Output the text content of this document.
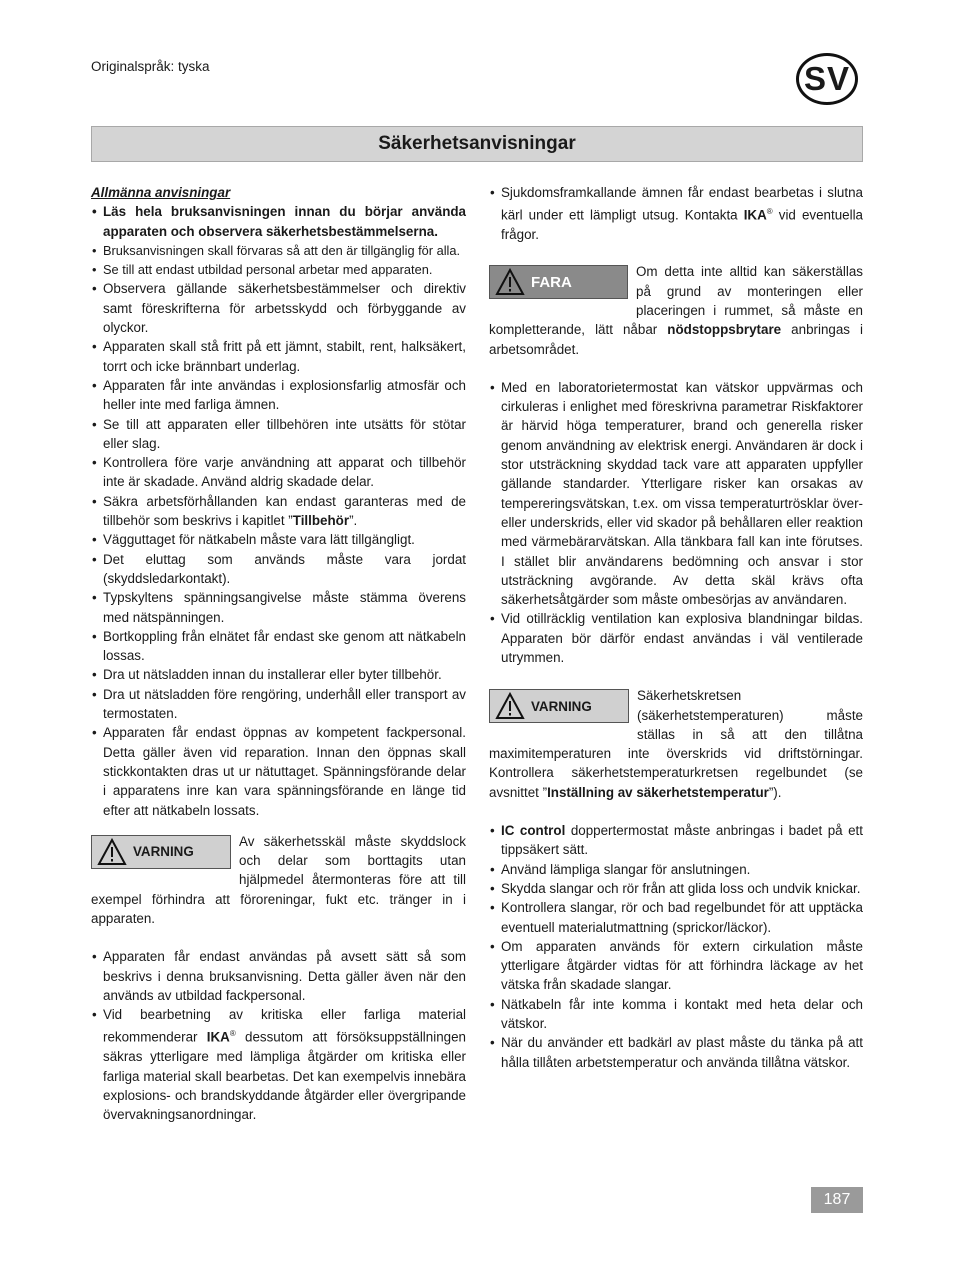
Originalspråk: tyska	SV
Säkerhetsanvisningar
Allmänna anvisningar
• Läs hela bruksanvisningen innan du börjar använda apparaten och observera säkerhetsbestämmelserna.
• Bruksanvisningen skall förvaras så att den är tillgänglig för alla.
• Se till att endast utbildad personal arbetar med apparaten.
• Observera gällande säkerhetsbestämmelser och direktiv samt föreskrifterna för arbetsskydd och förbyggande av olyckor.
• Apparaten skall stå fritt på ett jämnt, stabilt, rent, halksäkert, torrt och icke brännbart underlag.
• Apparaten får inte användas i explosionsfarlig atmosfär och heller inte med farliga ämnen.
• Se till att apparaten eller tillbehören inte utsätts för stötar eller slag.
• Kontrollera före varje användning att apparat och tillbehör inte är skadade. Använd aldrig skadade delar.
• Säkra arbetsförhållanden kan endast garanteras med de tillbehör som beskrivs i kapitlet ”Tillbehör”.
• Vägguttaget för nätkabeln måste vara lätt tillgängligt.
• Det eluttag som används måste vara jordat (skyddsledarkontakt).
• Typskyltens spänningsangivelse måste stämma överens med nätspänningen.
• Bortkoppling från elnätet får endast ske genom att nätkabeln lossas.
• Dra ut nätsladden innan du installerar eller byter tillbehör.
• Dra ut nätsladden före rengöring, underhåll eller transport av termostaten.
• Apparaten får endast öppnas av kompetent fackpersonal. Detta gäller även vid reparation. Innan den öppnas skall stickkontakten dras ut ur nätuttaget. Spänningsförande delar i apparatens inre kan vara spänningsförande en länge tid efter att nätkabeln lossats.
VARNING
Av säkerhetsskäl måste skyddslock och delar som borttagits utan hjälpmedel återmonteras före att till exempel förhindra att föroreningar, fukt etc. tränger in i apparaten.
• Apparaten får endast användas på avsett sätt så som beskrivs i denna bruksanvisning. Detta gäller även när den används av utbildad fackpersonal.
• Vid bearbetning av kritiska eller farliga material rekommenderar IKA® dessutom att försöksuppställningen säkras ytterligare med lämpliga åtgärder om kritiska eller farliga material skall bearbetas. Det kan exempelvis innebära explosions- och brandskyddande åtgärder eller övergripande övervakningsanordningar.
• Sjukdomsframkallande ämnen får endast bearbetas i slutna kärl under ett lämpligt utsug. Kontakta IKA® vid eventuella frågor.
FARA
Om detta inte alltid kan säkerställas på grund av monteringen eller placeringen i rummet, så måste en kompletterande, lätt nåbar nödstoppsbrytare anbringas i arbetsområdet.
• Med en laboratorietermostat kan vätskor uppvärmas och cirkuleras i enlighet med föreskrivna parametrar Riskfaktorer är härvid höga temperaturer, brand och generella risker genom användning av elektrisk energi. Användaren är dock i stor utsträckning skyddad tack vare att apparaten uppfyller gällande standarder. Ytterligare risker kan orsakas av tempereringsvätskan, t.ex. om vissa temperaturtrösklar över- eller underskrids, eller vid skador på behållaren eller reaktion med värmebärarvätskan. Alla tänkbara fall kan inte förutses. I stället blir användarens bedömning och ansvar i stor utsträckning avgörande. Av detta skäl krävs ofta säkerhetsåtgärder som måste ombesörjas av användaren.
• Vid otillräcklig ventilation kan explosiva blandningar bildas. Apparaten bör därför endast användas i väl ventilerade utrymmen.
VARNING
Säkerhetskretsen (säkerhetstemperaturen) måste ställas in så att den tillåtna maximitemperaturen inte överskrids vid driftstörningar. Kontrollera säkerhetstemperaturkretsen regelbundet (se avsnittet ”Inställning av säkerhetstemperatur”).
• IC control doppertermostat måste anbringas i badet på ett tippsäkert sätt.
• Använd lämpliga slangar för anslutningen.
• Skydda slangar och rör från att glida loss och undvik knickar.
• Kontrollera slangar, rör och bad regelbundet för att upptäcka eventuell materialutmattning (sprickor/läckor).
• Om apparaten används för extern cirkulation måste ytterligare åtgärder vidtas för att förhindra läckage av het vätska från skadade slangar.
• Nätkabeln får inte komma i kontakt med heta delar och vätskor.
• När du använder ett badkärl av plast måste du tänka på att hålla tillåten arbetstemperatur och använda tillåtna vätskor.
187
